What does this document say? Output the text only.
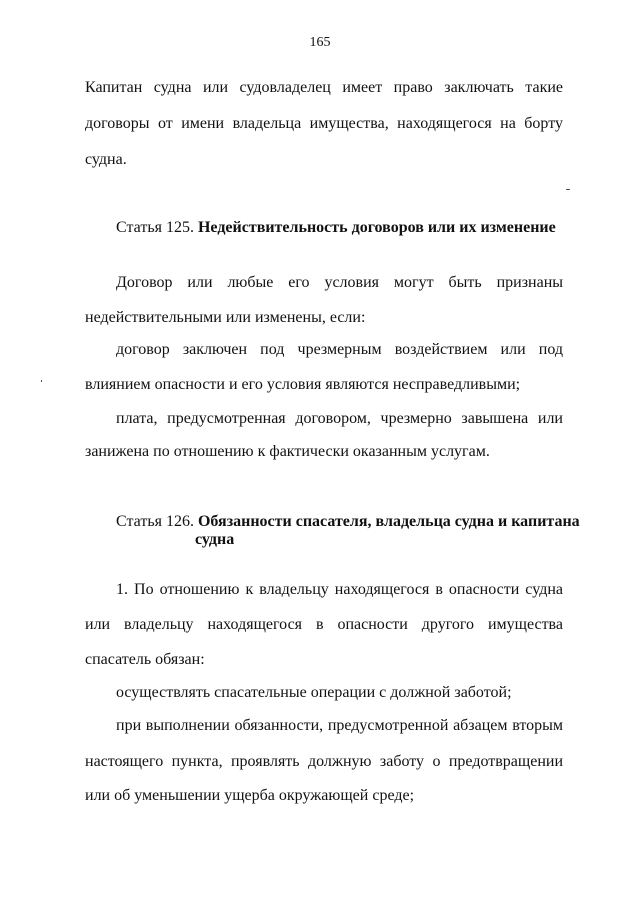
165
Капитан судна или судовладелец имеет право заключать такие
договоры от имени владельца имущества, находящегося на борту
судна.
Статья 125. Недействительность договоров или их изменение
Договор или любые его условия могут быть признаны
недействительными или изменены, если:
договор заключен под чрезмерным воздействием или под
влиянием опасности и его условия являются несправедливыми;
плата, предусмотренная договором, чрезмерно завышена или
занижена по отношению к фактически оказанным услугам.
Статья 126. Обязанности спасателя, владельца судна и капитана
судна
1. По отношению к владельцу находящегося в опасности судна
или владельцу находящегося в опасности другого имущества
спасатель обязан:
осуществлять спасательные операции с должной заботой;
при выполнении обязанности, предусмотренной абзацем вторым
настоящего пункта, проявлять должную заботу о предотвращении
или об уменьшении ущерба окружающей среде;
